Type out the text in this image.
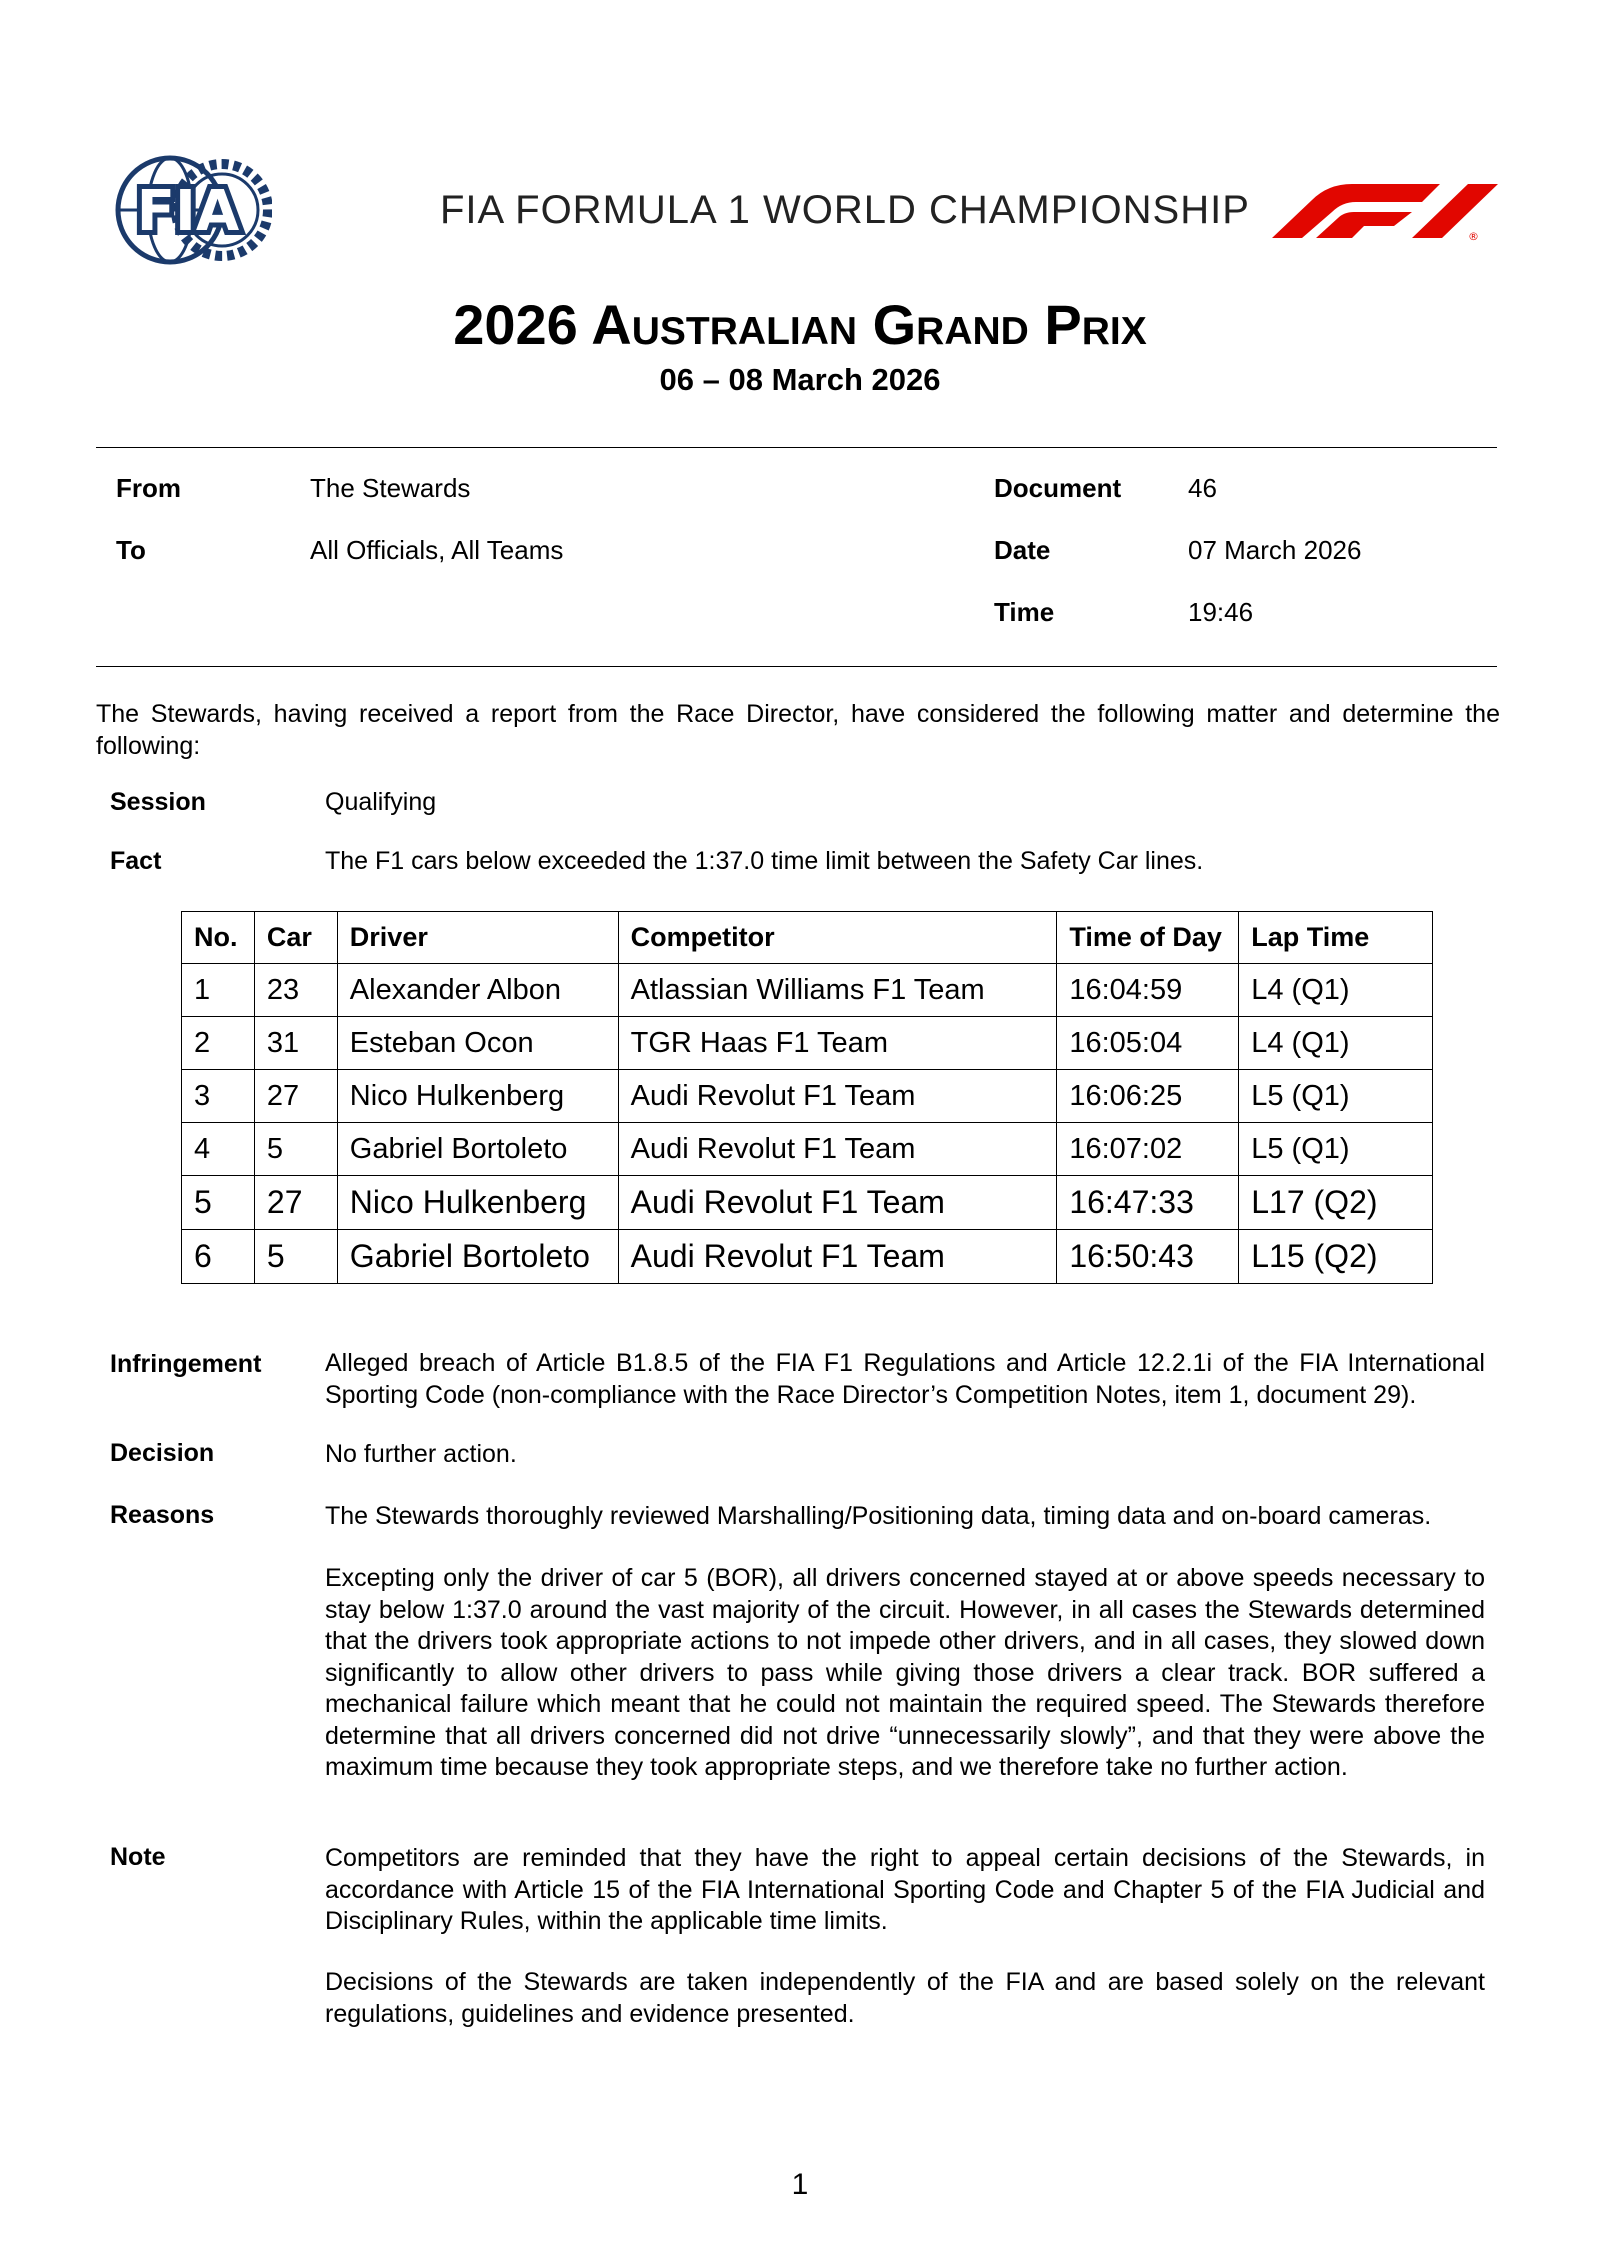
FIA	FIA FORMULA 1 WORLD CHAMPIONSHIP
®
2026 Australian Grand Prix
06 – 08 March 2026
From	The Stewards	Document	46
To	All Officials, All Teams	Date	07 March 2026
Time	19:46
The Stewards, having received a report from the Race Director, have considered the following matter and determine the following:
Session	Qualifying
Fact	The F1 cars below exceeded the 1:37.0 time limit between the Safety Car lines.
No.	Car	Driver	Competitor	Time of Day	Lap Time
1	23	Alexander Albon	Atlassian Williams F1 Team	16:04:59	L4 (Q1)
2	31	Esteban Ocon	TGR Haas F1 Team	16:05:04	L4 (Q1)
3	27	Nico Hulkenberg	Audi Revolut F1 Team	16:06:25	L5 (Q1)
4	5	Gabriel Bortoleto	Audi Revolut F1 Team	16:07:02	L5 (Q1)
5	27	Nico Hulkenberg	Audi Revolut F1 Team	16:47:33	L17 (Q2)
6	5	Gabriel Bortoleto	Audi Revolut F1 Team	16:50:43	L15 (Q2)
Infringement	Alleged breach of Article B1.8.5 of the FIA F1 Regulations and Article 12.2.1i of the FIA International Sporting Code (non-compliance with the Race Director’s Competition Notes, item 1, document 29).
Decision	No further action.
Reasons	The Stewards thoroughly reviewed Marshalling/Positioning data, timing data and on-board cameras.
Excepting only the driver of car 5 (BOR), all drivers concerned stayed at or above speeds necessary to stay below 1:37.0 around the vast majority of the circuit. However, in all cases the Stewards determined that the drivers took appropriate actions to not impede other drivers, and in all cases, they slowed down significantly to allow other drivers to pass while giving those drivers a clear track. BOR suffered a mechanical failure which meant that he could not maintain the required speed. The Stewards therefore determine that all drivers concerned did not drive “unnecessarily slowly”, and that they were above the maximum time because they took appropriate steps, and we therefore take no further action.
Note	Competitors are reminded that they have the right to appeal certain decisions of the Stewards, in accordance with Article 15 of the FIA International Sporting Code and Chapter 5 of the FIA Judicial and Disciplinary Rules, within the applicable time limits.
Decisions of the Stewards are taken independently of the FIA and are based solely on the relevant regulations, guidelines and evidence presented.
1
